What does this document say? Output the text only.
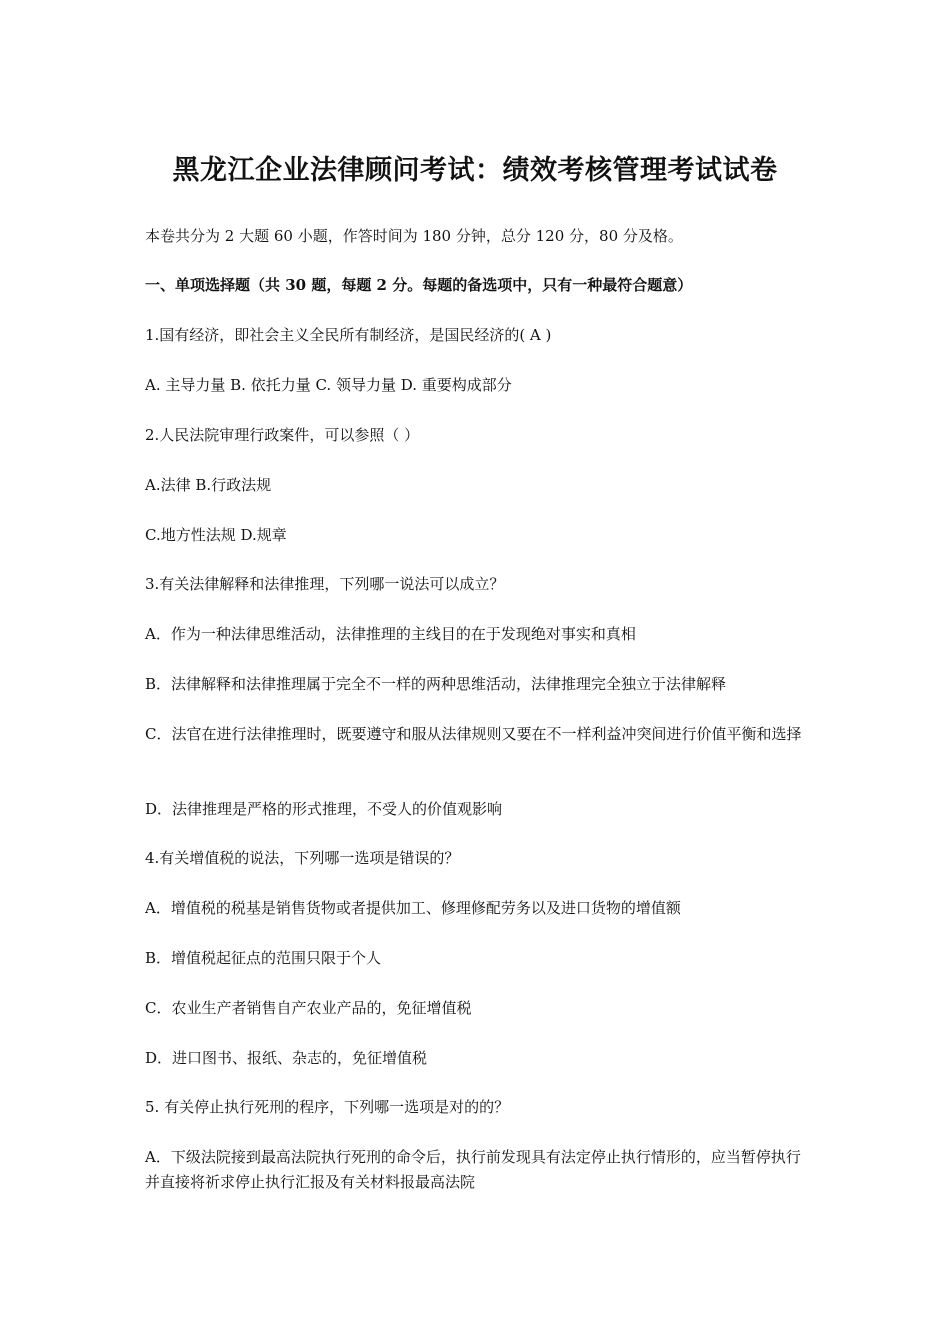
黑龙江企业法律顾问考试：绩效考核管理考试试卷

本卷共分为 2 大题 60 小题，作答时间为 180 分钟，总分 120 分，80 分及格。

一、单项选择题（共 30 题，每题 2 分。每题的备选项中，只有一种最符合题意）

1.国有经济，即社会主义全民所有制经济，是国民经济的( A )

A. 主导力量 B. 依托力量 C. 领导力量 D. 重要构成部分

2.人民法院审理行政案件，可以参照（ ）

A.法律 B.行政法规

C.地方性法规 D.规章

3.有关法律解释和法律推理，下列哪一说法可以成立？

A．作为一种法律思维活动，法律推理的主线目的在于发现绝对事实和真相

B．法律解释和法律推理属于完全不一样的两种思维活动，法律推理完全独立于法律解释

C．法官在进行法律推理时，既要遵守和服从法律规则又要在不一样利益冲突间进行价值平衡和选择

D．法律推理是严格的形式推理，不受人的价值观影响

4.有关增值税的说法，下列哪一选项是错误的？

A．增值税的税基是销售货物或者提供加工、修理修配劳务以及进口货物的增值额

B．增值税起征点的范围只限于个人

C．农业生产者销售自产农业产品的，免征增值税

D．进口图书、报纸、杂志的，免征增值税

5. 有关停止执行死刑的程序，下列哪一选项是对的的？

A．下级法院接到最高法院执行死刑的命令后，执行前发现具有法定停止执行情形的，应当暂停执行并直接将祈求停止执行汇报及有关材料报最高法院
